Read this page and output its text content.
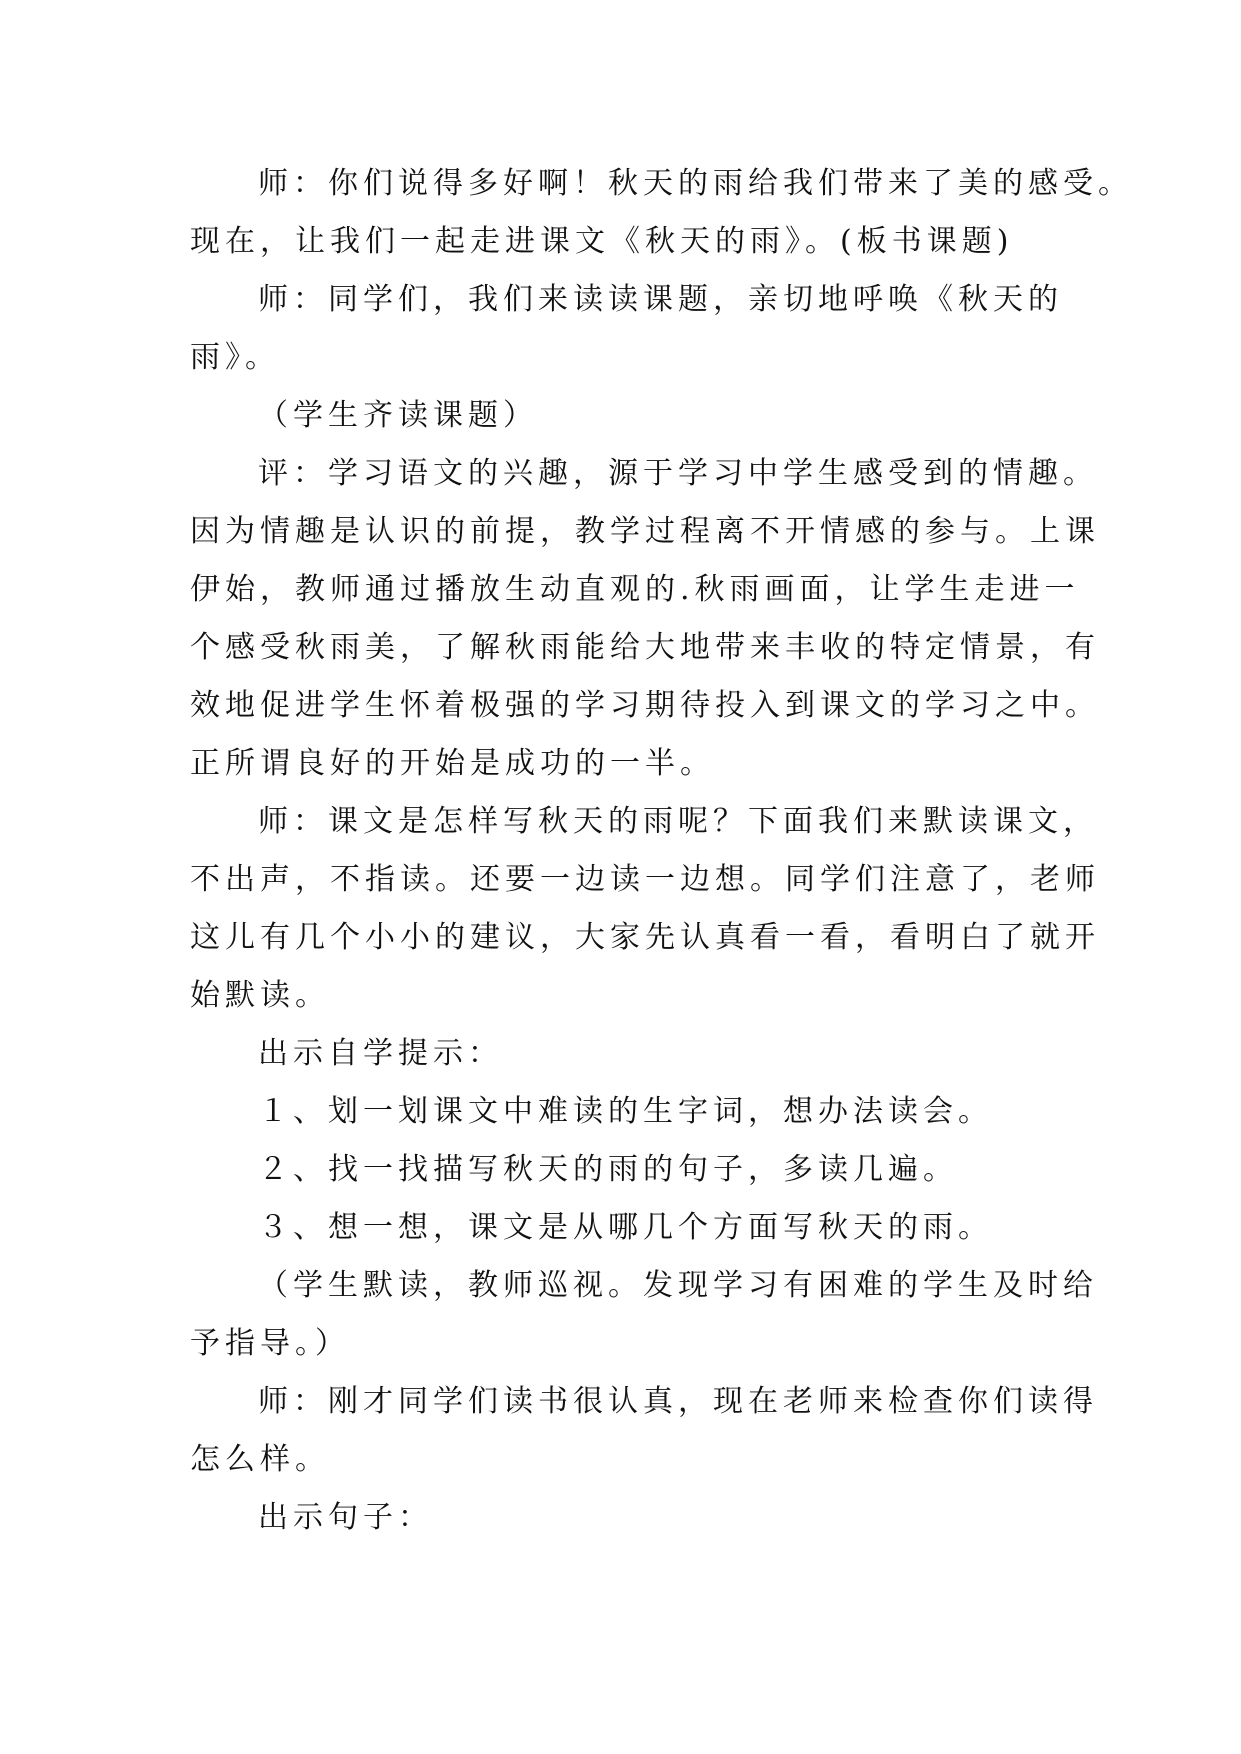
师：你们说得多好啊！秋天的雨给我们带来了美的感受。
现在，让我们一起走进课文《秋天的雨》。(板书课题)
师：同学们，我们来读读课题，亲切地呼唤《秋天的
雨》。
（学生齐读课题）
评：学习语文的兴趣，源于学习中学生感受到的情趣。
因为情趣是认识的前提，教学过程离不开情感的参与。上课
伊始，教师通过播放生动直观的.秋雨画面，让学生走进一
个感受秋雨美，了解秋雨能给大地带来丰收的特定情景，有
效地促进学生怀着极强的学习期待投入到课文的学习之中。
正所谓良好的开始是成功的一半。
师：课文是怎样写秋天的雨呢？下面我们来默读课文，
不出声，不指读。还要一边读一边想。同学们注意了，老师
这儿有几个小小的建议，大家先认真看一看，看明白了就开
始默读。
出示自学提示：
１、划一划课文中难读的生字词，想办法读会。
２、找一找描写秋天的雨的句子，多读几遍。
３、想一想，课文是从哪几个方面写秋天的雨。
（学生默读，教师巡视。发现学习有困难的学生及时给
予指导。）
师：刚才同学们读书很认真，现在老师来检查你们读得
怎么样。
出示句子：
